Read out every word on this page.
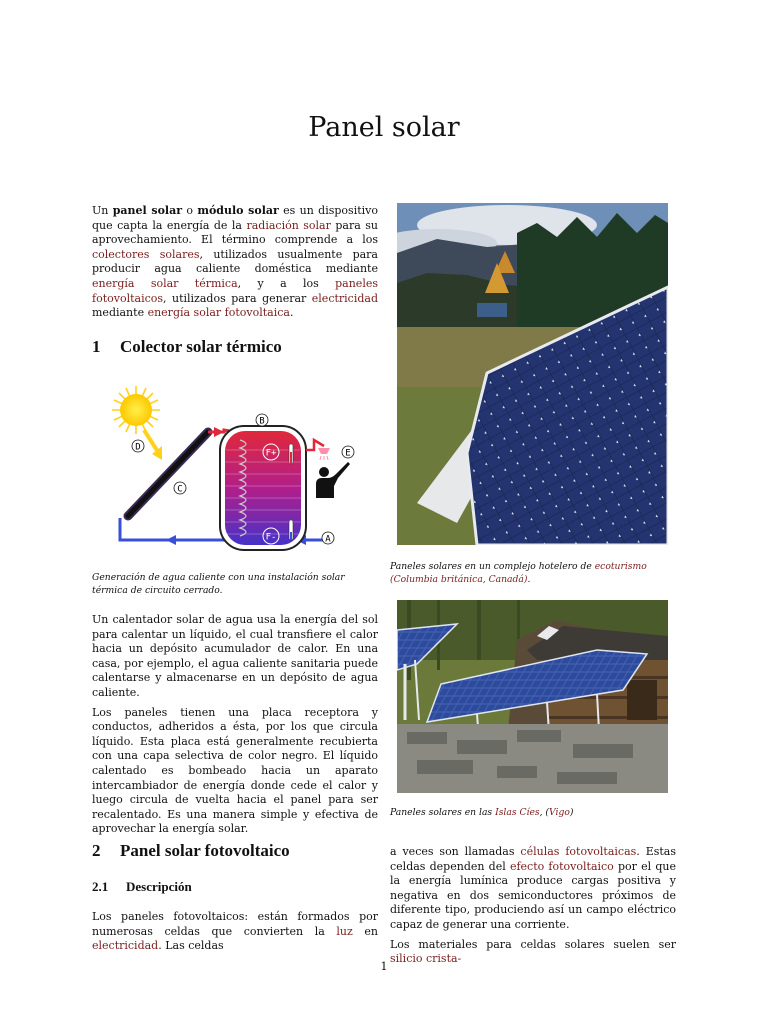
Panel solar

Un panel solar o módulo solar es un dispositivo que capta la energía de la radiación solar para su aprovechamiento. El término comprende a los colectores solares, utilizados usualmente para producir agua caliente doméstica mediante energía solar térmica, y a los paneles fotovoltaicos, utilizados para generar electricidad mediante energía solar fotovoltaica.

1 Colector solar térmico
F+
F-
B
D
C
E
A
Generación de agua caliente con una instalación solar térmica de circuito cerrado.

Un calentador solar de agua usa la energía del sol para calentar un líquido, el cual transfiere el calor hacia un depósito acumulador de calor. En una casa, por ejemplo, el agua caliente sanitaria puede calentarse y almacenarse en un depósito de agua caliente.

Los paneles tienen una placa receptora y conductos, adheridos a ésta, por los que circula líquido. Esta placa está generalmente recubierta con una capa selectiva de color negro. El líquido calentado es bombeado hacia un aparato intercambiador de energía donde cede el calor y luego circula de vuelta hacia el panel para ser recalentado. Es una manera simple y efectiva de aprovechar la energía solar.

2 Panel solar fotovoltaico
2.1 Descripción

Los paneles fotovoltaicos: están formados por numerosas celdas que convierten la luz en electricidad. Las celdas

Paneles solares en un complejo hotelero de ecoturismo (Columbia británica, Canadá).
Paneles solares en las Islas Cíes, (Vigo)

a veces son llamadas células fotovoltaicas. Estas celdas dependen del efecto fotovoltaico por el que la energía lumínica produce cargas positiva y negativa en dos semiconductores próximos de diferente tipo, produciendo así un campo eléctrico capaz de generar una corriente.

Los materiales para celdas solares suelen ser silicio crista-

1
